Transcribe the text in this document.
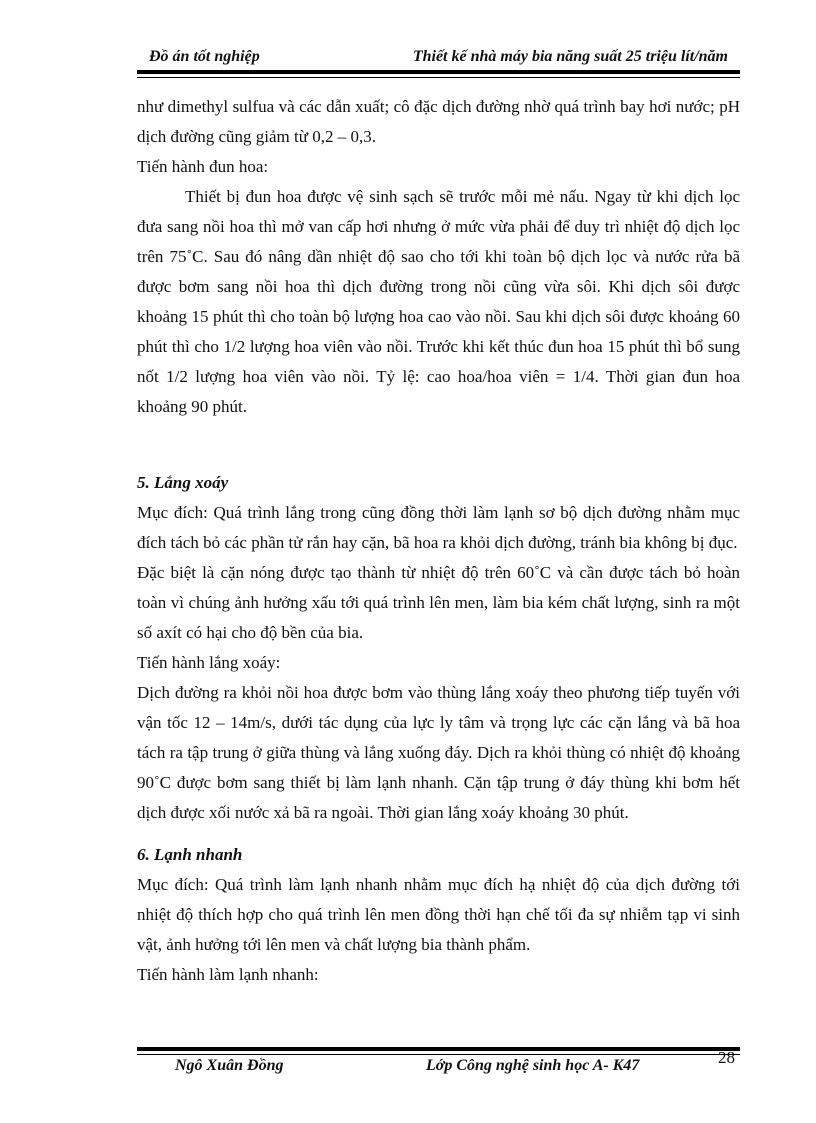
Đồ án tốt nghiệp	Thiết kế nhà máy bia năng suất 25 triệu lít/năm

như dimethyl sulfua và các dẫn xuất; cô đặc dịch đường nhờ quá trình bay hơi nước; pH dịch đường cũng giảm từ 0,2 – 0,3.

Tiến hành đun hoa:

Thiết bị đun hoa được vệ sinh sạch sẽ trước mỗi mẻ nấu. Ngay từ khi dịch lọc đưa sang nồi hoa thì mở van cấp hơi nhưng ở mức vừa phải để duy trì nhiệt độ dịch lọc trên 75˚C. Sau đó nâng dần nhiệt độ sao cho tới khi toàn bộ dịch lọc và nước rửa bã được bơm sang nồi hoa thì dịch đường trong nồi cũng vừa sôi. Khi dịch sôi được khoảng 15 phút thì cho toàn bộ lượng hoa cao vào nồi. Sau khi dịch sôi được khoảng 60 phút thì cho 1/2 lượng hoa viên vào nồi. Trước khi kết thúc đun hoa 15 phút thì bổ sung nốt 1/2 lượng hoa viên vào nồi. Tỷ lệ: cao hoa/hoa viên = 1/4. Thời gian đun hoa khoảng 90 phút.

5. Lắng xoáy

Mục đích: Quá trình lắng trong cũng đồng thời làm lạnh sơ bộ dịch đường nhằm mục đích tách bỏ các phần tử rắn hay cặn, bã hoa ra khỏi dịch đường, tránh bia không bị đục.

Đặc biệt là cặn nóng được tạo thành từ nhiệt độ trên 60˚C và cần được tách bỏ hoàn toàn vì chúng ảnh hưởng xấu tới quá trình lên men, làm bia kém chất lượng, sinh ra một số axít có hại cho độ bền của bia.

Tiến hành lắng xoáy:

Dịch đường ra khỏi nồi hoa được bơm vào thùng lắng xoáy theo phương tiếp tuyến với vận tốc 12 – 14m/s, dưới tác dụng của lực ly tâm và trọng lực các cặn lắng và bã hoa tách ra tập trung ở giữa thùng và lắng xuống đáy. Dịch ra khỏi thùng có nhiệt độ khoảng 90˚C được bơm sang thiết bị làm lạnh nhanh. Cặn tập trung ở đáy thùng khi bơm hết dịch được xối nước xả bã ra ngoài. Thời gian lắng xoáy khoảng 30 phút.

6. Lạnh nhanh

Mục đích: Quá trình làm lạnh nhanh nhằm mục đích hạ nhiệt độ của dịch đường tới nhiệt độ thích hợp cho quá trình lên men đồng thời hạn chế tối đa sự nhiễm tạp vi sinh vật, ảnh hưởng tới lên men và chất lượng bia thành phẩm.

Tiến hành làm lạnh nhanh:

Ngô Xuân Đồng	Lớp Công nghệ sinh học A- K47	28
